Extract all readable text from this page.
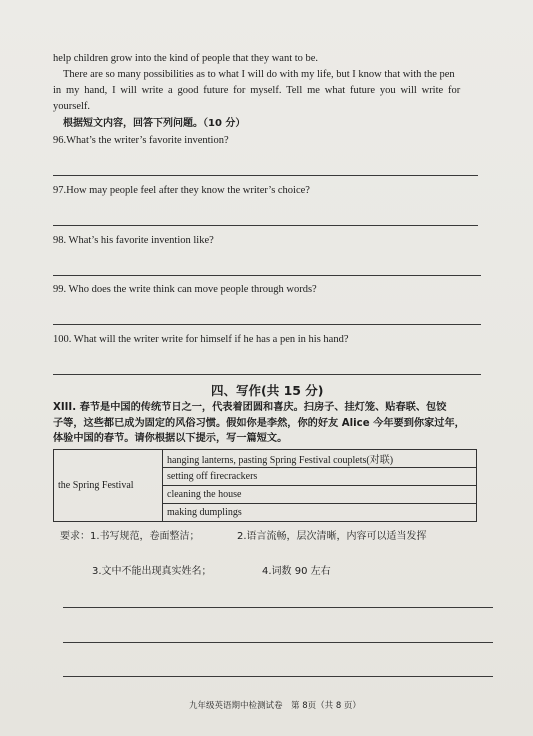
help children grow into the kind of people that they want to be.
There are so many possibilities as to what I will do with my life, but I know that with the pen
in my hand, I will write a good future for myself. Tell me what future you will write for
yourself.
根据短文内容，回答下列问题。（10 分）
96.What’s the writer’s favorite invention?
97.How may people feel after they know the writer’s choice?
98. What’s his favorite invention like?
99. Who does the write think can move people through words?
100. What will the writer write for himself if he has a pen in his hand?
四、写作(共 15 分)
XIII. 春节是中国的传统节日之一，代表着团圆和喜庆。扫房子、挂灯笼、贴春联、包饺
子等，这些都已成为固定的风俗习惯。假如你是李然，你的好友 Alice 今年要到你家过年，
体验中国的春节。请你根据以下提示，写一篇短文。
the Spring Festival	hanging lanterns, pasting Spring Festival couplets(对联)
setting off firecrackers
cleaning the house
making dumplings
要求：1.书写规范，卷面整洁；	2.语言流畅，层次清晰，内容可以适当发挥
3.文中不能出现真实姓名；	4.词数 90 左右
九年级英语期中检测试卷　第 8页（共 8 页）
